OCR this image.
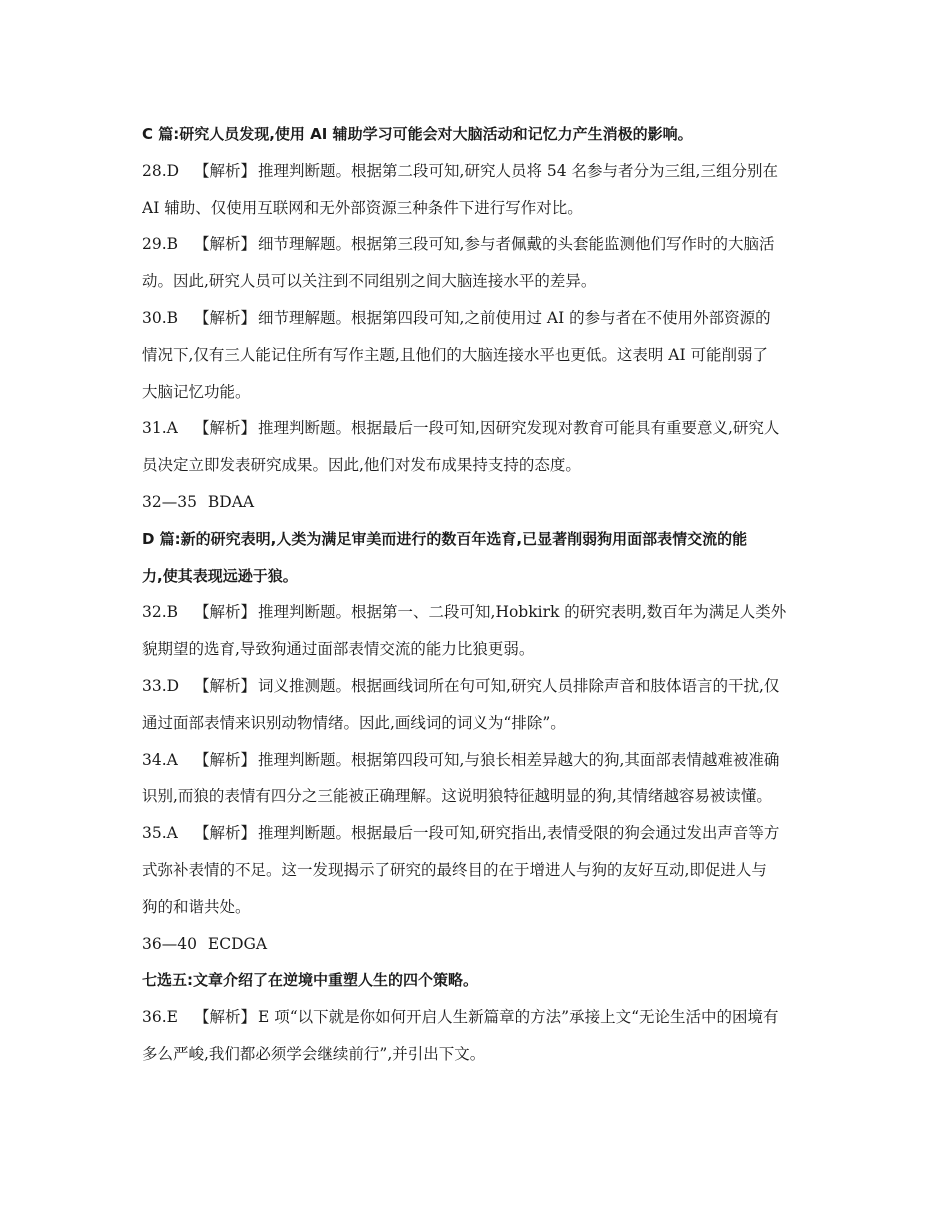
C 篇:研究人员发现,使用 AI 辅助学习可能会对大脑活动和记忆力产生消极的影响。
28.D 【解析】 推理判断题。根据第二段可知,研究人员将 54 名参与者分为三组,三组分别在
AI 辅助、仅使用互联网和无外部资源三种条件下进行写作对比。
29.B 【解析】 细节理解题。根据第三段可知,参与者佩戴的头套能监测他们写作时的大脑活
动。因此,研究人员可以关注到不同组别之间大脑连接水平的差异。
30.B 【解析】 细节理解题。根据第四段可知,之前使用过 AI 的参与者在不使用外部资源的
情况下,仅有三人能记住所有写作主题,且他们的大脑连接水平也更低。这表明 AI 可能削弱了
大脑记忆功能。
31.A 【解析】 推理判断题。根据最后一段可知,因研究发现对教育可能具有重要意义,研究人
员决定立即发表研究成果。因此,他们对发布成果持支持的态度。
32—35 BDAA
D 篇:新的研究表明,人类为满足审美而进行的数百年选育,已显著削弱狗用面部表情交流的能
力,使其表现远逊于狼。
32.B 【解析】 推理判断题。根据第一、二段可知,Hobkirk 的研究表明,数百年为满足人类外
貌期望的选育,导致狗通过面部表情交流的能力比狼更弱。
33.D 【解析】 词义推测题。根据画线词所在句可知,研究人员排除声音和肢体语言的干扰,仅
通过面部表情来识别动物情绪。因此,画线词的词义为“排除”。
34.A 【解析】 推理判断题。根据第四段可知,与狼长相差异越大的狗,其面部表情越难被准确
识别,而狼的表情有四分之三能被正确理解。这说明狼特征越明显的狗,其情绪越容易被读懂。
35.A 【解析】 推理判断题。根据最后一段可知,研究指出,表情受限的狗会通过发出声音等方
式弥补表情的不足。这一发现揭示了研究的最终目的在于增进人与狗的友好互动,即促进人与
狗的和谐共处。
36—40 ECDGA
七选五:文章介绍了在逆境中重塑人生的四个策略。
36.E 【解析】 E 项“以下就是你如何开启人生新篇章的方法”承接上文“无论生活中的困境有
多么严峻,我们都必须学会继续前行”,并引出下文。
